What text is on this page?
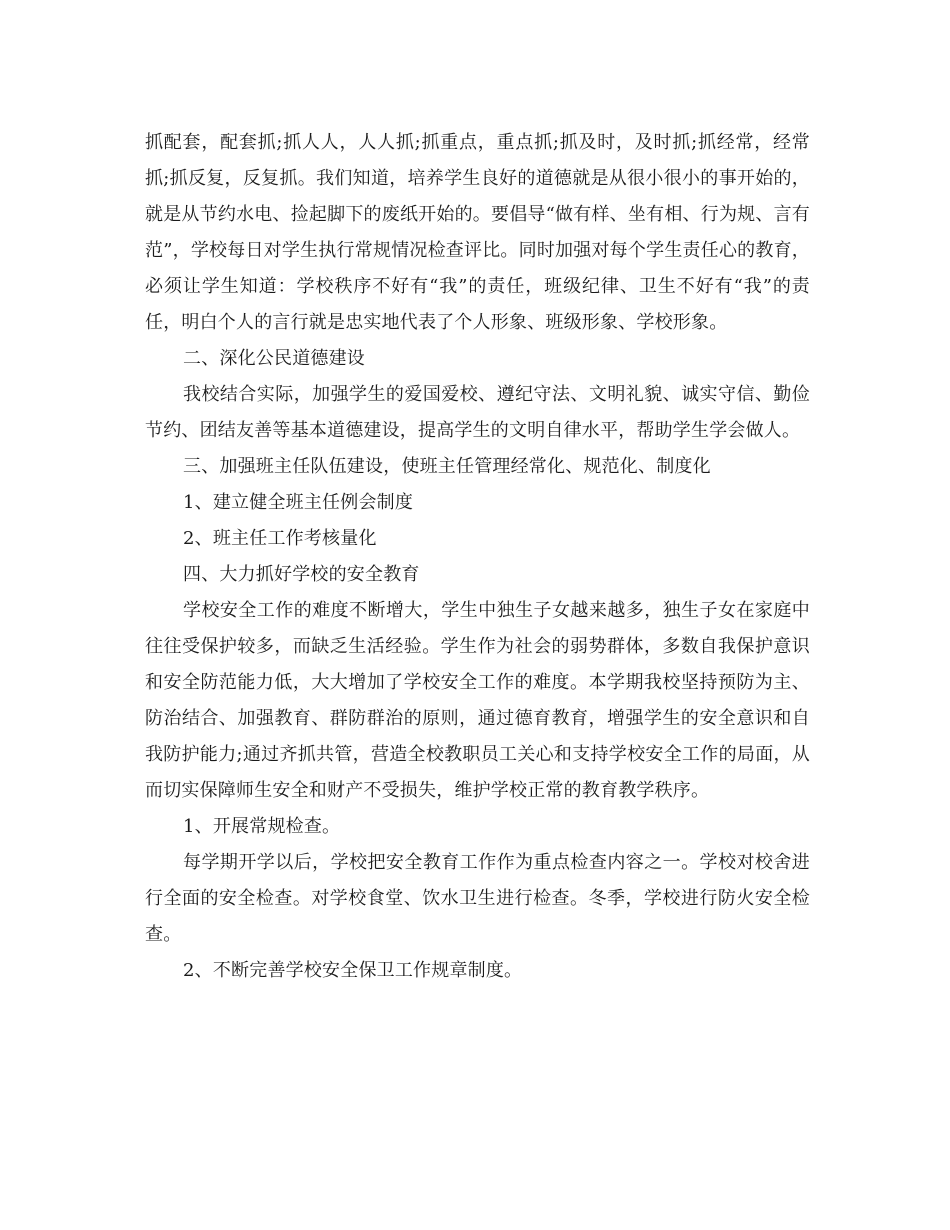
抓配套，配套抓;抓人人，人人抓;抓重点，重点抓;抓及时，及时抓;抓经常，经常抓;抓反复，反复抓。我们知道，培养学生良好的道德就是从很小很小的事开始的，就是从节约水电、捡起脚下的废纸开始的。要倡导“做有样、坐有相、行为规、言有范”，学校每日对学生执行常规情况检查评比。同时加强对每个学生责任心的教育，必须让学生知道：学校秩序不好有“我”的责任，班级纪律、卫生不好有“我”的责任，明白个人的言行就是忠实地代表了个人形象、班级形象、学校形象。

二、深化公民道德建设

我校结合实际，加强学生的爱国爱校、遵纪守法、文明礼貌、诚实守信、勤俭节约、团结友善等基本道德建设，提高学生的文明自律水平，帮助学生学会做人。

三、加强班主任队伍建设，使班主任管理经常化、规范化、制度化

1、建立健全班主任例会制度

2、班主任工作考核量化

四、大力抓好学校的安全教育

学校安全工作的难度不断增大，学生中独生子女越来越多，独生子女在家庭中往往受保护较多，而缺乏生活经验。学生作为社会的弱势群体，多数自我保护意识和安全防范能力低，大大增加了学校安全工作的难度。本学期我校坚持预防为主、防治结合、加强教育、群防群治的原则，通过德育教育，增强学生的安全意识和自我防护能力;通过齐抓共管，营造全校教职员工关心和支持学校安全工作的局面，从而切实保障师生安全和财产不受损失，维护学校正常的教育教学秩序。

1、开展常规检查。

每学期开学以后，学校把安全教育工作作为重点检查内容之一。学校对校舍进行全面的安全检查。对学校食堂、饮水卫生进行检查。冬季，学校进行防火安全检查。

2、不断完善学校安全保卫工作规章制度。
